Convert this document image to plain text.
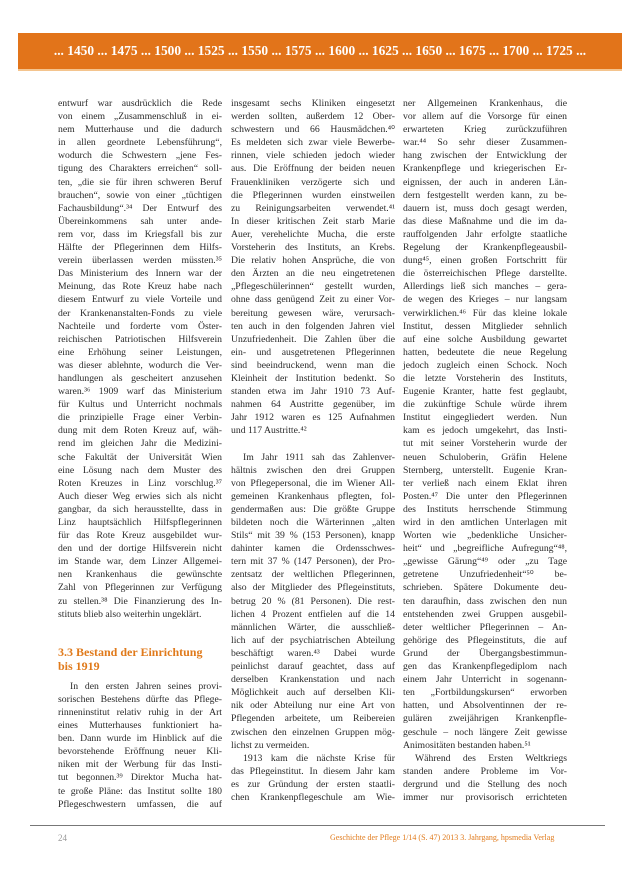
... 1450 ... 1475 ... 1500 ... 1525 ... 1550 ... 1575 ... 1600 ... 1625 ... 1650 ... 1675 ... 1700 ... 1725 ...
entwurf war ausdrücklich die Rede
von einem „Zusammenschluß in ei-
nem Mutterhause und die dadurch
in allen geordnete Lebensführung“,
wodurch die Schwestern „jene Fes-
tigung des Charakters erreichen“ soll-
ten, „die sie für ihren schweren Beruf
brauchen“, sowie von einer „tüchtigen
Fachausbildung“.³⁴ Der Entwurf des
Übereinkommens sah unter ande-
rem vor, dass im Kriegsfall bis zur
Hälfte der Pflegerinnen dem Hilfs-
verein überlassen werden müssten.³⁵
Das Ministerium des Innern war der
Meinung, das Rote Kreuz habe nach
diesem Entwurf zu viele Vorteile und
der Krankenanstalten-Fonds zu viele
Nachteile und forderte vom Öster-
reichischen Patriotischen Hilfsverein
eine Erhöhung seiner Leistungen,
was dieser ablehnte, wodurch die Ver-
handlungen als gescheitert anzusehen
waren.³⁶ 1909 warf das Ministerium
für Kultus und Unterricht nochmals
die prinzipielle Frage einer Verbin-
dung mit dem Roten Kreuz auf, wäh-
rend im gleichen Jahr die Medizini-
sche Fakultät der Universität Wien
eine Lösung nach dem Muster des
Roten Kreuzes in Linz vorschlug.³⁷
Auch dieser Weg erwies sich als nicht
gangbar, da sich herausstellte, dass in
Linz hauptsächlich Hilfspflegerinnen
für das Rote Kreuz ausgebildet wur-
den und der dortige Hilfsverein nicht
im Stande war, dem Linzer Allgemei-
nen Krankenhaus die gewünschte
Zahl von Pflegerinnen zur Verfügung
zu stellen.³⁸ Die Finanzierung des In-
stituts blieb also weiterhin ungeklärt.
3.3 Bestand der Einrichtung
bis 1919
In den ersten Jahren seines provi-
sorischen Bestehens dürfte das Pflege-
rinneninstitut relativ ruhig in der Art
eines Mutterhauses funktioniert ha-
ben. Dann wurde im Hinblick auf die
bevorstehende Eröffnung neuer Kli-
niken mit der Werbung für das Insti-
tut begonnen.³⁹ Direktor Mucha hat-
te große Pläne: das Institut sollte 180
Pflegeschwestern umfassen, die auf
insgesamt sechs Kliniken eingesetzt
werden sollten, außerdem 12 Ober-
schwestern und 66 Hausmädchen.⁴⁰
Es meldeten sich zwar viele Bewerbe-
rinnen, viele schieden jedoch wieder
aus. Die Eröffnung der beiden neuen
Frauenkliniken verzögerte sich und
die Pflegerinnen wurden einstweilen
zu Reinigungsarbeiten verwendet.⁴¹
In dieser kritischen Zeit starb Marie
Auer, verehelichte Mucha, die erste
Vorsteherin des Instituts, an Krebs.
Die relativ hohen Ansprüche, die von
den Ärzten an die neu eingetretenen
„Pflegeschülerinnen“ gestellt wurden,
ohne dass genügend Zeit zu einer Vor-
bereitung gewesen wäre, verursach-
ten auch in den folgenden Jahren viel
Unzufriedenheit. Die Zahlen über die
ein- und ausgetretenen Pflegerinnen
sind beeindruckend, wenn man die
Kleinheit der Institution bedenkt. So
standen etwa im Jahr 1910 73 Auf-
nahmen 64 Austritte gegenüber, im
Jahr 1912 waren es 125 Aufnahmen
und 117 Austritte.⁴²
Im Jahr 1911 sah das Zahlenver-
hältnis zwischen den drei Gruppen
von Pflegepersonal, die im Wiener All-
gemeinen Krankenhaus pflegten, fol-
gendermaßen aus: Die größte Gruppe
bildeten noch die Wärterinnen „alten
Stils“ mit 39 % (153 Personen), knapp
dahinter kamen die Ordensschwes-
tern mit 37 % (147 Personen), der Pro-
zentsatz der weltlichen Pflegerinnen,
also der Mitglieder des Pflegeinstituts,
betrug 20 % (81 Personen). Die rest-
lichen 4 Prozent entfielen auf die 14
männlichen Wärter, die ausschließ-
lich auf der psychiatrischen Abteilung
beschäftigt waren.⁴³ Dabei wurde
peinlichst darauf geachtet, dass auf
derselben Krankenstation und nach
Möglichkeit auch auf derselben Kli-
nik oder Abteilung nur eine Art von
Pflegenden arbeitete, um Reibereien
zwischen den einzelnen Gruppen mög-
lichst zu vermeiden.
1913 kam die nächste Krise für
das Pflegeinstitut. In diesem Jahr kam
es zur Gründung der ersten staatli-
chen Krankenpflegeschule am Wie-
ner Allgemeinen Krankenhaus, die
vor allem auf die Vorsorge für einen
erwarteten Krieg zurückzuführen
war.⁴⁴ So sehr dieser Zusammen-
hang zwischen der Entwicklung der
Krankenpflege und kriegerischen Er-
eignissen, der auch in anderen Län-
dern festgestellt werden kann, zu be-
dauern ist, muss doch gesagt werden,
das diese Maßnahme und die im da-
rauffolgenden Jahr erfolgte staatliche
Regelung der Krankenpflegeausbil-
dung⁴⁵, einen großen Fortschritt für
die österreichischen Pflege darstellte.
Allerdings ließ sich manches – gera-
de wegen des Krieges – nur langsam
verwirklichen.⁴⁶ Für das kleine lokale
Institut, dessen Mitglieder sehnlich
auf eine solche Ausbildung gewartet
hatten, bedeutete die neue Regelung
jedoch zugleich einen Schock. Noch
die letzte Vorsteherin des Instituts,
Eugenie Kranter, hatte fest geglaubt,
die zukünftige Schule würde ihrem
Institut eingegliedert werden. Nun
kam es jedoch umgekehrt, das Insti-
tut mit seiner Vorsteherin wurde der
neuen Schuloberin, Gräfin Helene
Sternberg, unterstellt. Eugenie Kran-
ter verließ nach einem Eklat ihren
Posten.⁴⁷ Die unter den Pflegerinnen
des Instituts herrschende Stimmung
wird in den amtlichen Unterlagen mit
Worten wie „bedenkliche Unsicher-
heit“ und „begreifliche Aufregung“⁴⁸,
„gewisse Gärung“⁴⁹ oder „zu Tage
getretene Unzufriedenheit“⁵⁰ be-
schrieben. Spätere Dokumente deu-
ten daraufhin, dass zwischen den nun
entstehenden zwei Gruppen ausgebil-
deter weltlicher Pflegerinnen – An-
gehörige des Pflegeinstituts, die auf
Grund der Übergangsbestimmun-
gen das Krankenpflegediplom nach
einem Jahr Unterricht in sogenann-
ten „Fortbildungskursen“ erworben
hatten, und Absolventinnen der re-
gulären zweijährigen Krankenpfle-
geschule – noch längere Zeit gewisse
Animositäten bestanden haben.⁵¹
Während des Ersten Weltkriegs
standen andere Probleme im Vor-
dergrund und die Stellung des noch
immer nur provisorisch errichteten
24	Geschichte der Pflege 1/14 (S. 47) 2013 3. Jahrgang, hpsmedia Verlag
